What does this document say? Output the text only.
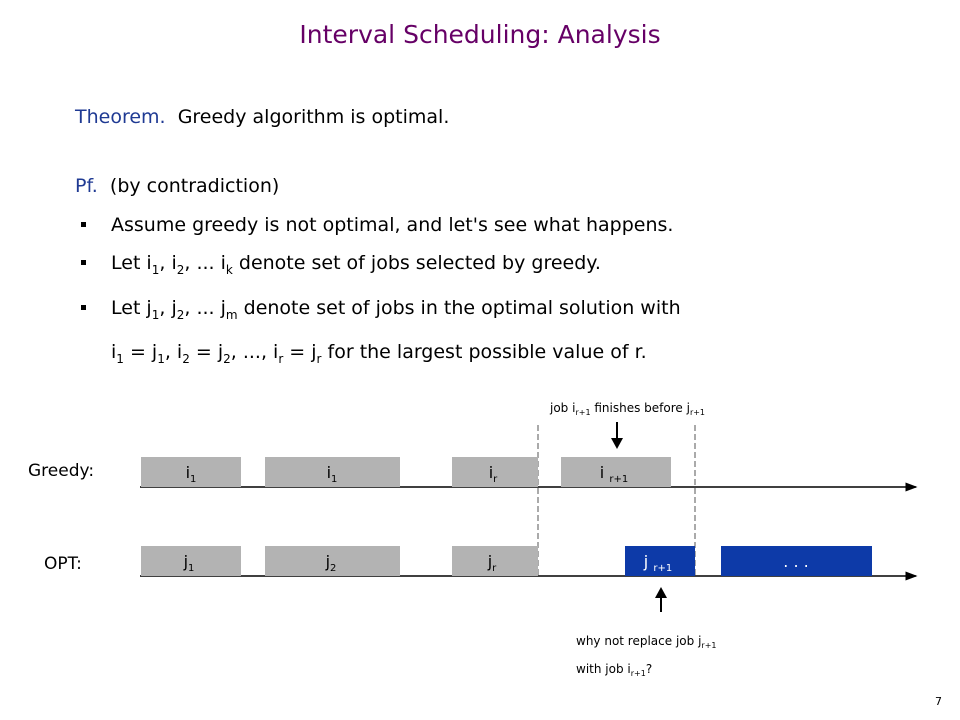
Interval Scheduling: Analysis
Theorem. Greedy algorithm is optimal.
Pf. (by contradiction)
Assume greedy is not optimal, and let's see what happens.
Let $i_1$, $i_2$, ... $i_k$ denote set of jobs selected by greedy.
Let $j_1$, $j_2$, ... $j_m$ denote set of jobs in the optimal solution with
$i_1 = j_1$, $i_2 = j_2$, ..., $i_r = j_r$ for the largest possible value of r.
Greedy:
OPT:
$i_1$	$i_1$	$i_r$	i $_{r+1}$
$j_1$	$j_2$	$j_r$	j $_{r+1}$	. . .
job $i_{r+1}$ finishes before $j_{r+1}$
why not replace job $j_{r+1}$
with job $i_{r+1}$?
7
